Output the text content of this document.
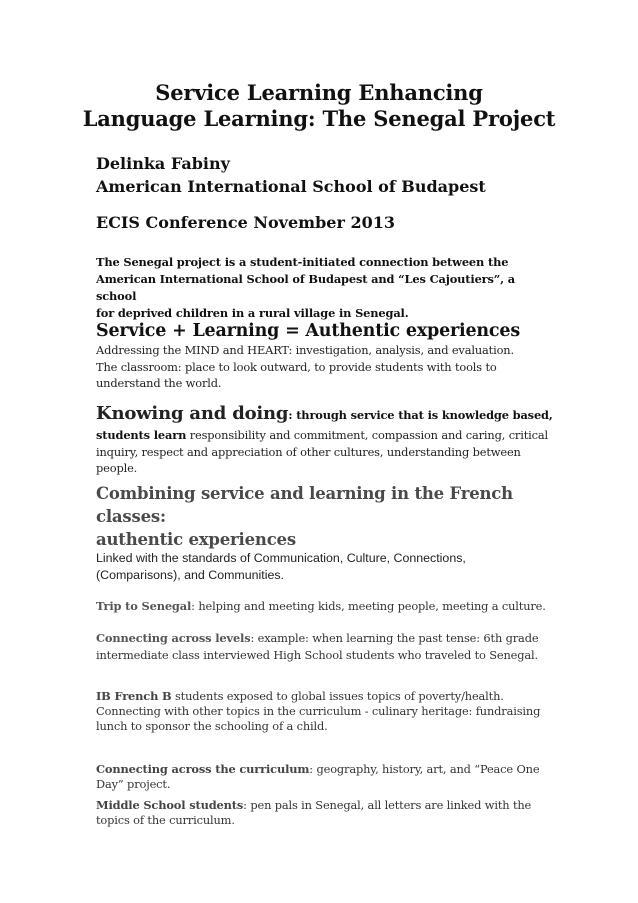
Service Learning Enhancing
Language Learning: The Senegal Project
Delinka Fabiny
American International School of Budapest
ECIS Conference November 2013
The Senegal project is a student-initiated connection between the
American International School of Budapest and “Les Cajoutiers”, a school
for deprived children in a rural village in Senegal.
Service + Learning = Authentic experiences
Addressing the MIND and HEART: investigation, analysis, and evaluation.
The classroom: place to look outward, to provide students with tools to
understand the world.
Knowing and doing: through service that is knowledge based,
students learn responsibility and commitment, compassion and caring, critical
inquiry, respect and appreciation of other cultures, understanding between
people.
Combining service and learning in the French classes:
authentic experiences
Linked with the standards of Communication, Culture, Connections,
(Comparisons), and Communities.
Trip to Senegal: helping and meeting kids, meeting people, meeting a culture.
Connecting across levels: example: when learning the past tense: 6th grade
intermediate class interviewed High School students who traveled to Senegal.
IB French B students exposed to global issues topics of poverty/health.
Connecting with other topics in the curriculum - culinary heritage: fundraising
lunch to sponsor the schooling of a child.
Connecting across the curriculum: geography, history, art, and “Peace One
Day” project.
Middle School students: pen pals in Senegal, all letters are linked with the
topics of the curriculum.
